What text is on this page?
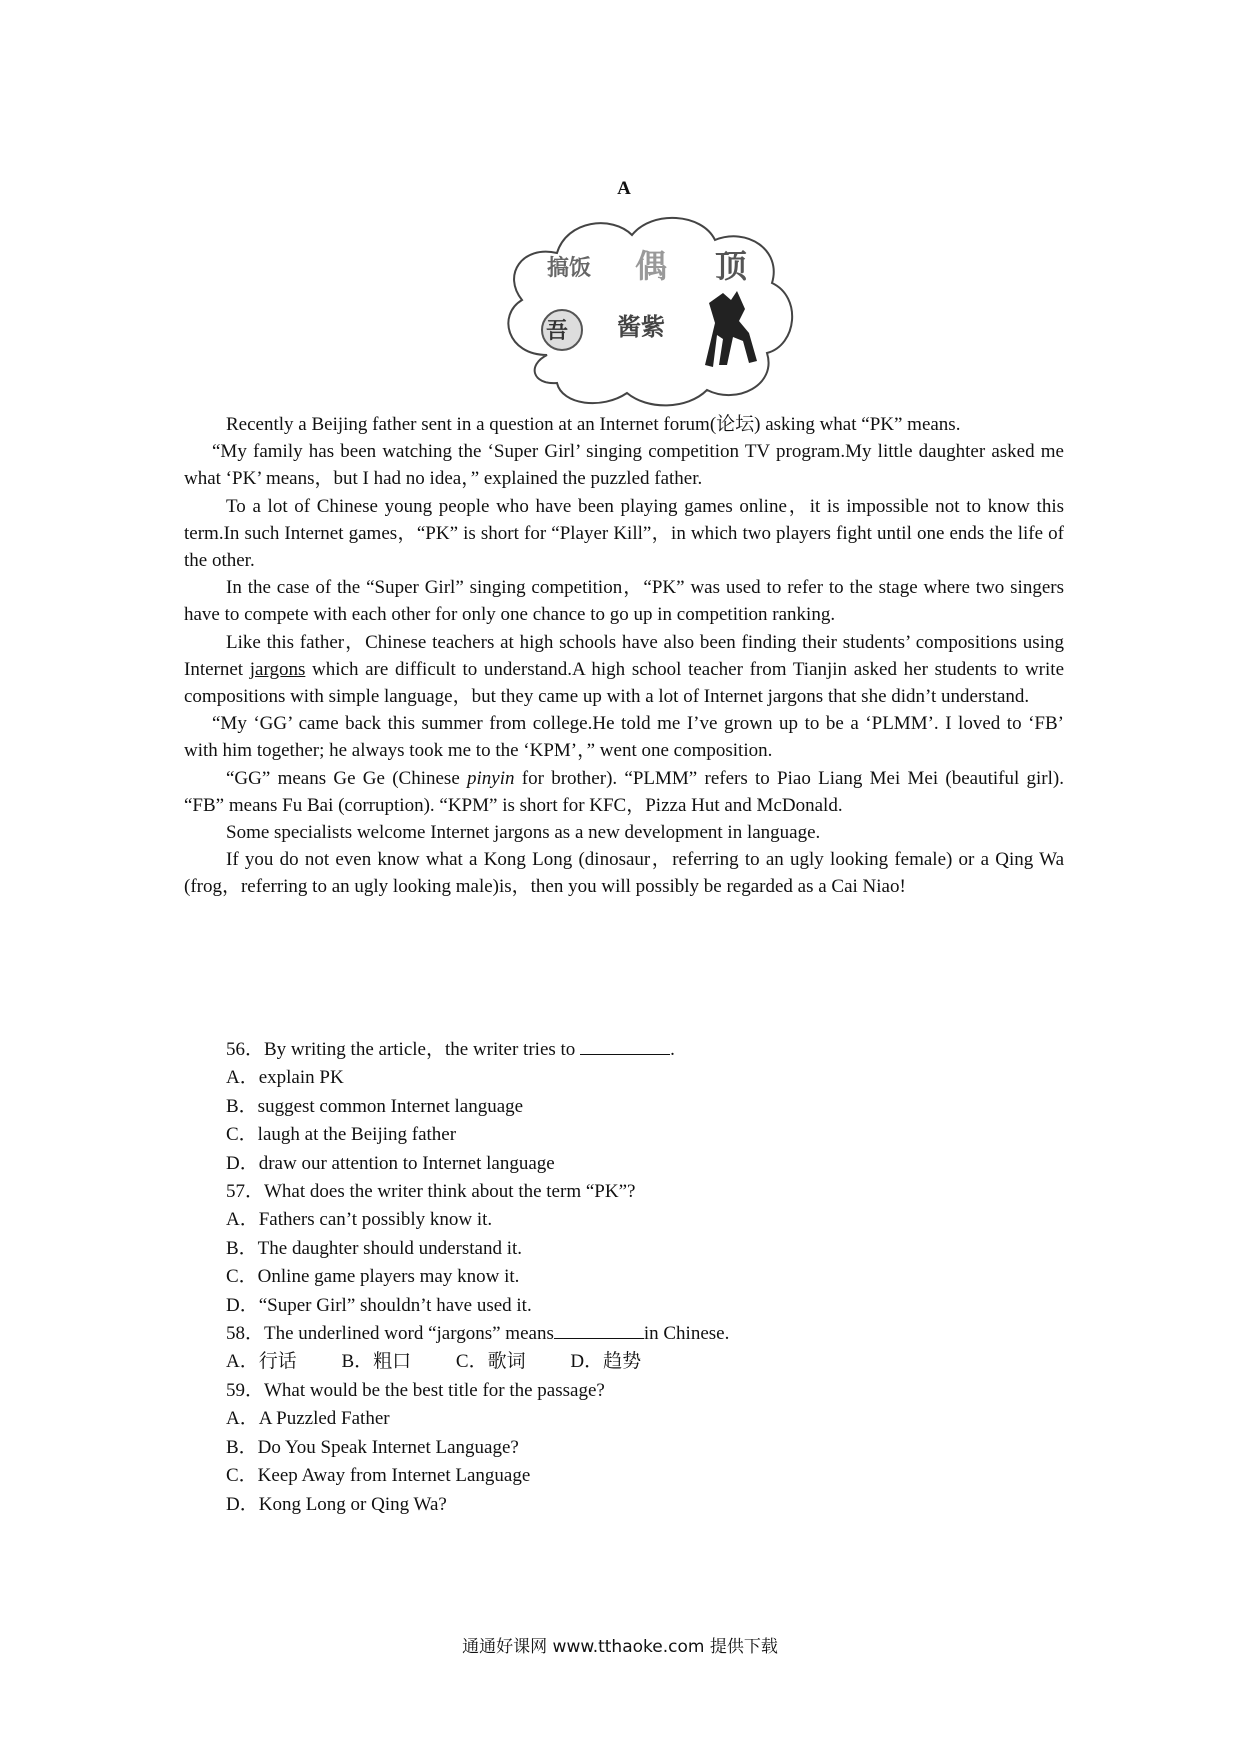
A
搞饭 偶 顶
吾 酱紫

Recently a Beijing father sent in a question at an Internet forum(论坛) asking what “PK” means.

“My family has been watching the ‘Super Girl’ singing competition TV program.My little daughter asked me what ‘PK’ means，but I had no idea，” explained the puzzled father.

To a lot of Chinese young people who have been playing games online，it is impossible not to know this term.In such Internet games，“PK” is short for “Player Kill”，in which two players fight until one ends the life of the other.

In the case of the “Super Girl” singing competition，“PK” was used to refer to the stage where two singers have to compete with each other for only one chance to go up in competition ranking.

Like this father，Chinese teachers at high schools have also been finding their students’ compositions using Internet jargons which are difficult to understand.A high school teacher from Tianjin asked her students to write compositions with simple language，but they came up with a lot of Internet jargons that she didn’t understand.

“My ‘GG’ came back this summer from college.He told me I’ve grown up to be a ‘PLMM’. I loved to ‘FB’ with him together; he always took me to the ‘KPM’，” went one composition.

“GG” means Ge Ge (Chinese pinyin for brother). “PLMM” refers to Piao Liang Mei Mei (beautiful girl). “FB” means Fu Bai (corruption). “KPM” is short for KFC，Pizza Hut and McDonald.

Some specialists welcome Internet jargons as a new development in language.

If you do not even know what a Kong Long (dinosaur，referring to an ugly looking female) or a Qing Wa (frog，referring to an ugly looking male)is，then you will possibly be regarded as a Cai Niao!

56．By writing the article，the writer tries to	.

A．explain PK

B．suggest common Internet language

C．laugh at the Beijing father

D．draw our attention to Internet language

57．What does the writer think about the term “PK”?

A．Fathers can’t possibly know it.

B．The daughter should understand it.

C．Online game players may know it.

D．“Super Girl” shouldn’t have used it.

58．The underlined word “jargons” means	in Chinese.

A．行话 B．粗口 C．歌词 D．趋势

59．What would be the best title for the passage?

A．A Puzzled Father

B．Do You Speak Internet Language?

C．Keep Away from Internet Language

D．Kong Long or Qing Wa?

通通好课网 www.tthaoke.com 提供下载
